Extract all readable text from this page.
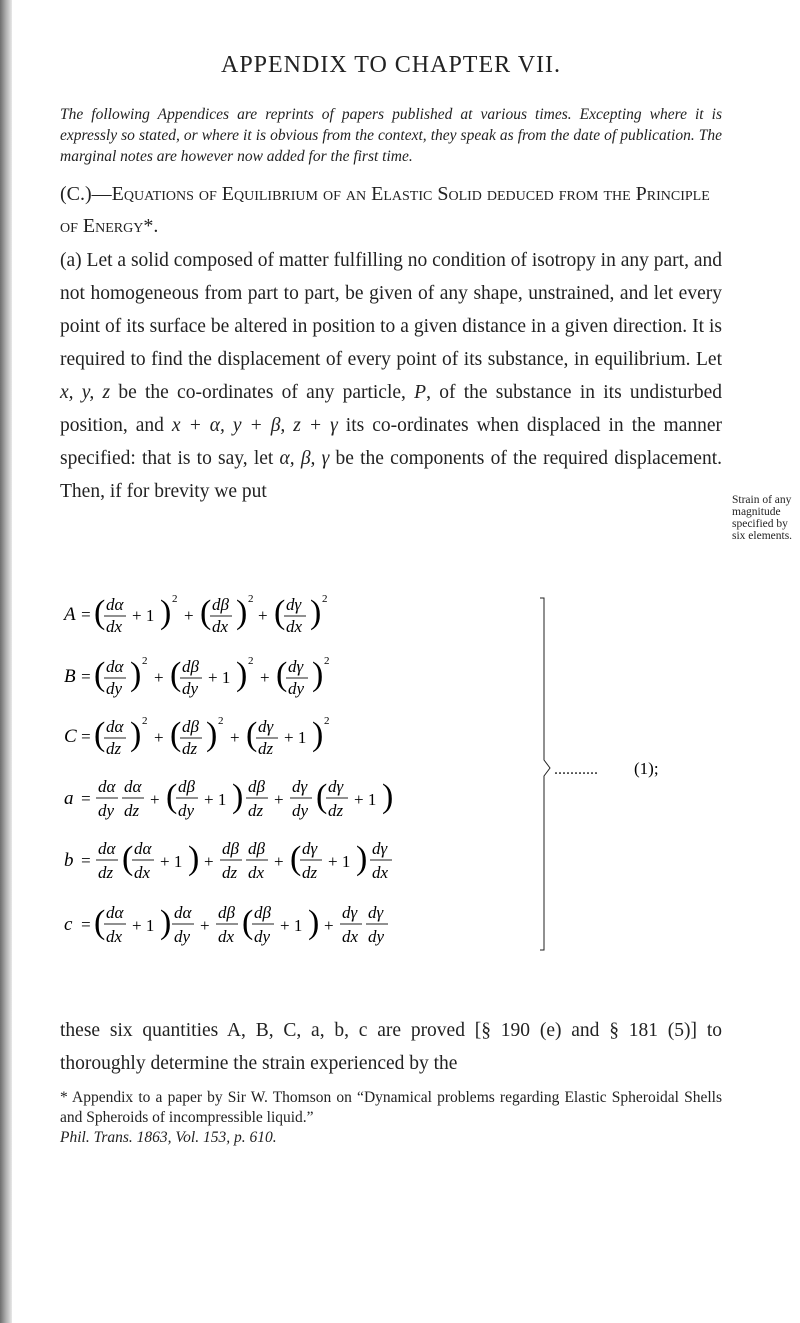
APPENDIX TO CHAPTER VII.
The following Appendices are reprints of papers published at various times. Excepting where it is expressly so stated, or where it is obvious from the context, they speak as from the date of publication. The marginal notes are however now added for the first time.
(C.)—Equations of Equilibrium of an Elastic Solid deduced from the Principle of Energy*.
(a) Let a solid composed of matter fulfilling no condition of isotropy in any part, and not homogeneous from part to part, be given of any shape, unstrained, and let every point of its surface be altered in position to a given distance in a given direction. It is required to find the displacement of every point of its substance, in equilibrium. Let x, y, z be the co-ordinates of any particle, P, of the substance in its undisturbed position, and x + α, y + β, z + γ its co-ordinates when displaced in the manner specified: that is to say, let α, β, γ be the components of the required displacement. Then, if for brevity we put	Strain of any magnitude specified by six elements.
A
B
C
a
b
c
= ( dα
dx
+ 1 ) 2
+ ( dβ
dx ) 2
+ ( dγ
dx ) 2
= ( dα
dy ) 2
+ ( dβ
dy
+ 1 ) 2
+ ( dγ
dy ) 2
= ( dα
dz ) 2
+ ( dβ
dz ) 2
+ ( dγ
dz
+ 1 ) 2
=
dα
dy
dα
dz
+ ( dβ
dy
+ 1 ) dβ
dz
+
dγ
dy ( dγ
dz
+ 1 )
=
dα
dz ( dα
dx
+ 1 ) +
dβ
dz
dβ
dx
+ ( dγ
dz
+ 1 ) dγ
dx
= ( dα
dx
+ 1 ) dα
dy
+
dβ
dx ( dβ
dy
+ 1 ) +
dγ
dx
dγ
dy
........... (1);
these six quantities A, B, C, a, b, c are proved [§ 190 (e) and § 181 (5)] to thoroughly determine the strain experienced by the
* Appendix to a paper by Sir W. Thomson on “Dynamical problems regarding Elastic Spheroidal Shells and Spheroids of incompressible liquid.”
Phil. Trans. 1863, Vol. 153, p. 610.
